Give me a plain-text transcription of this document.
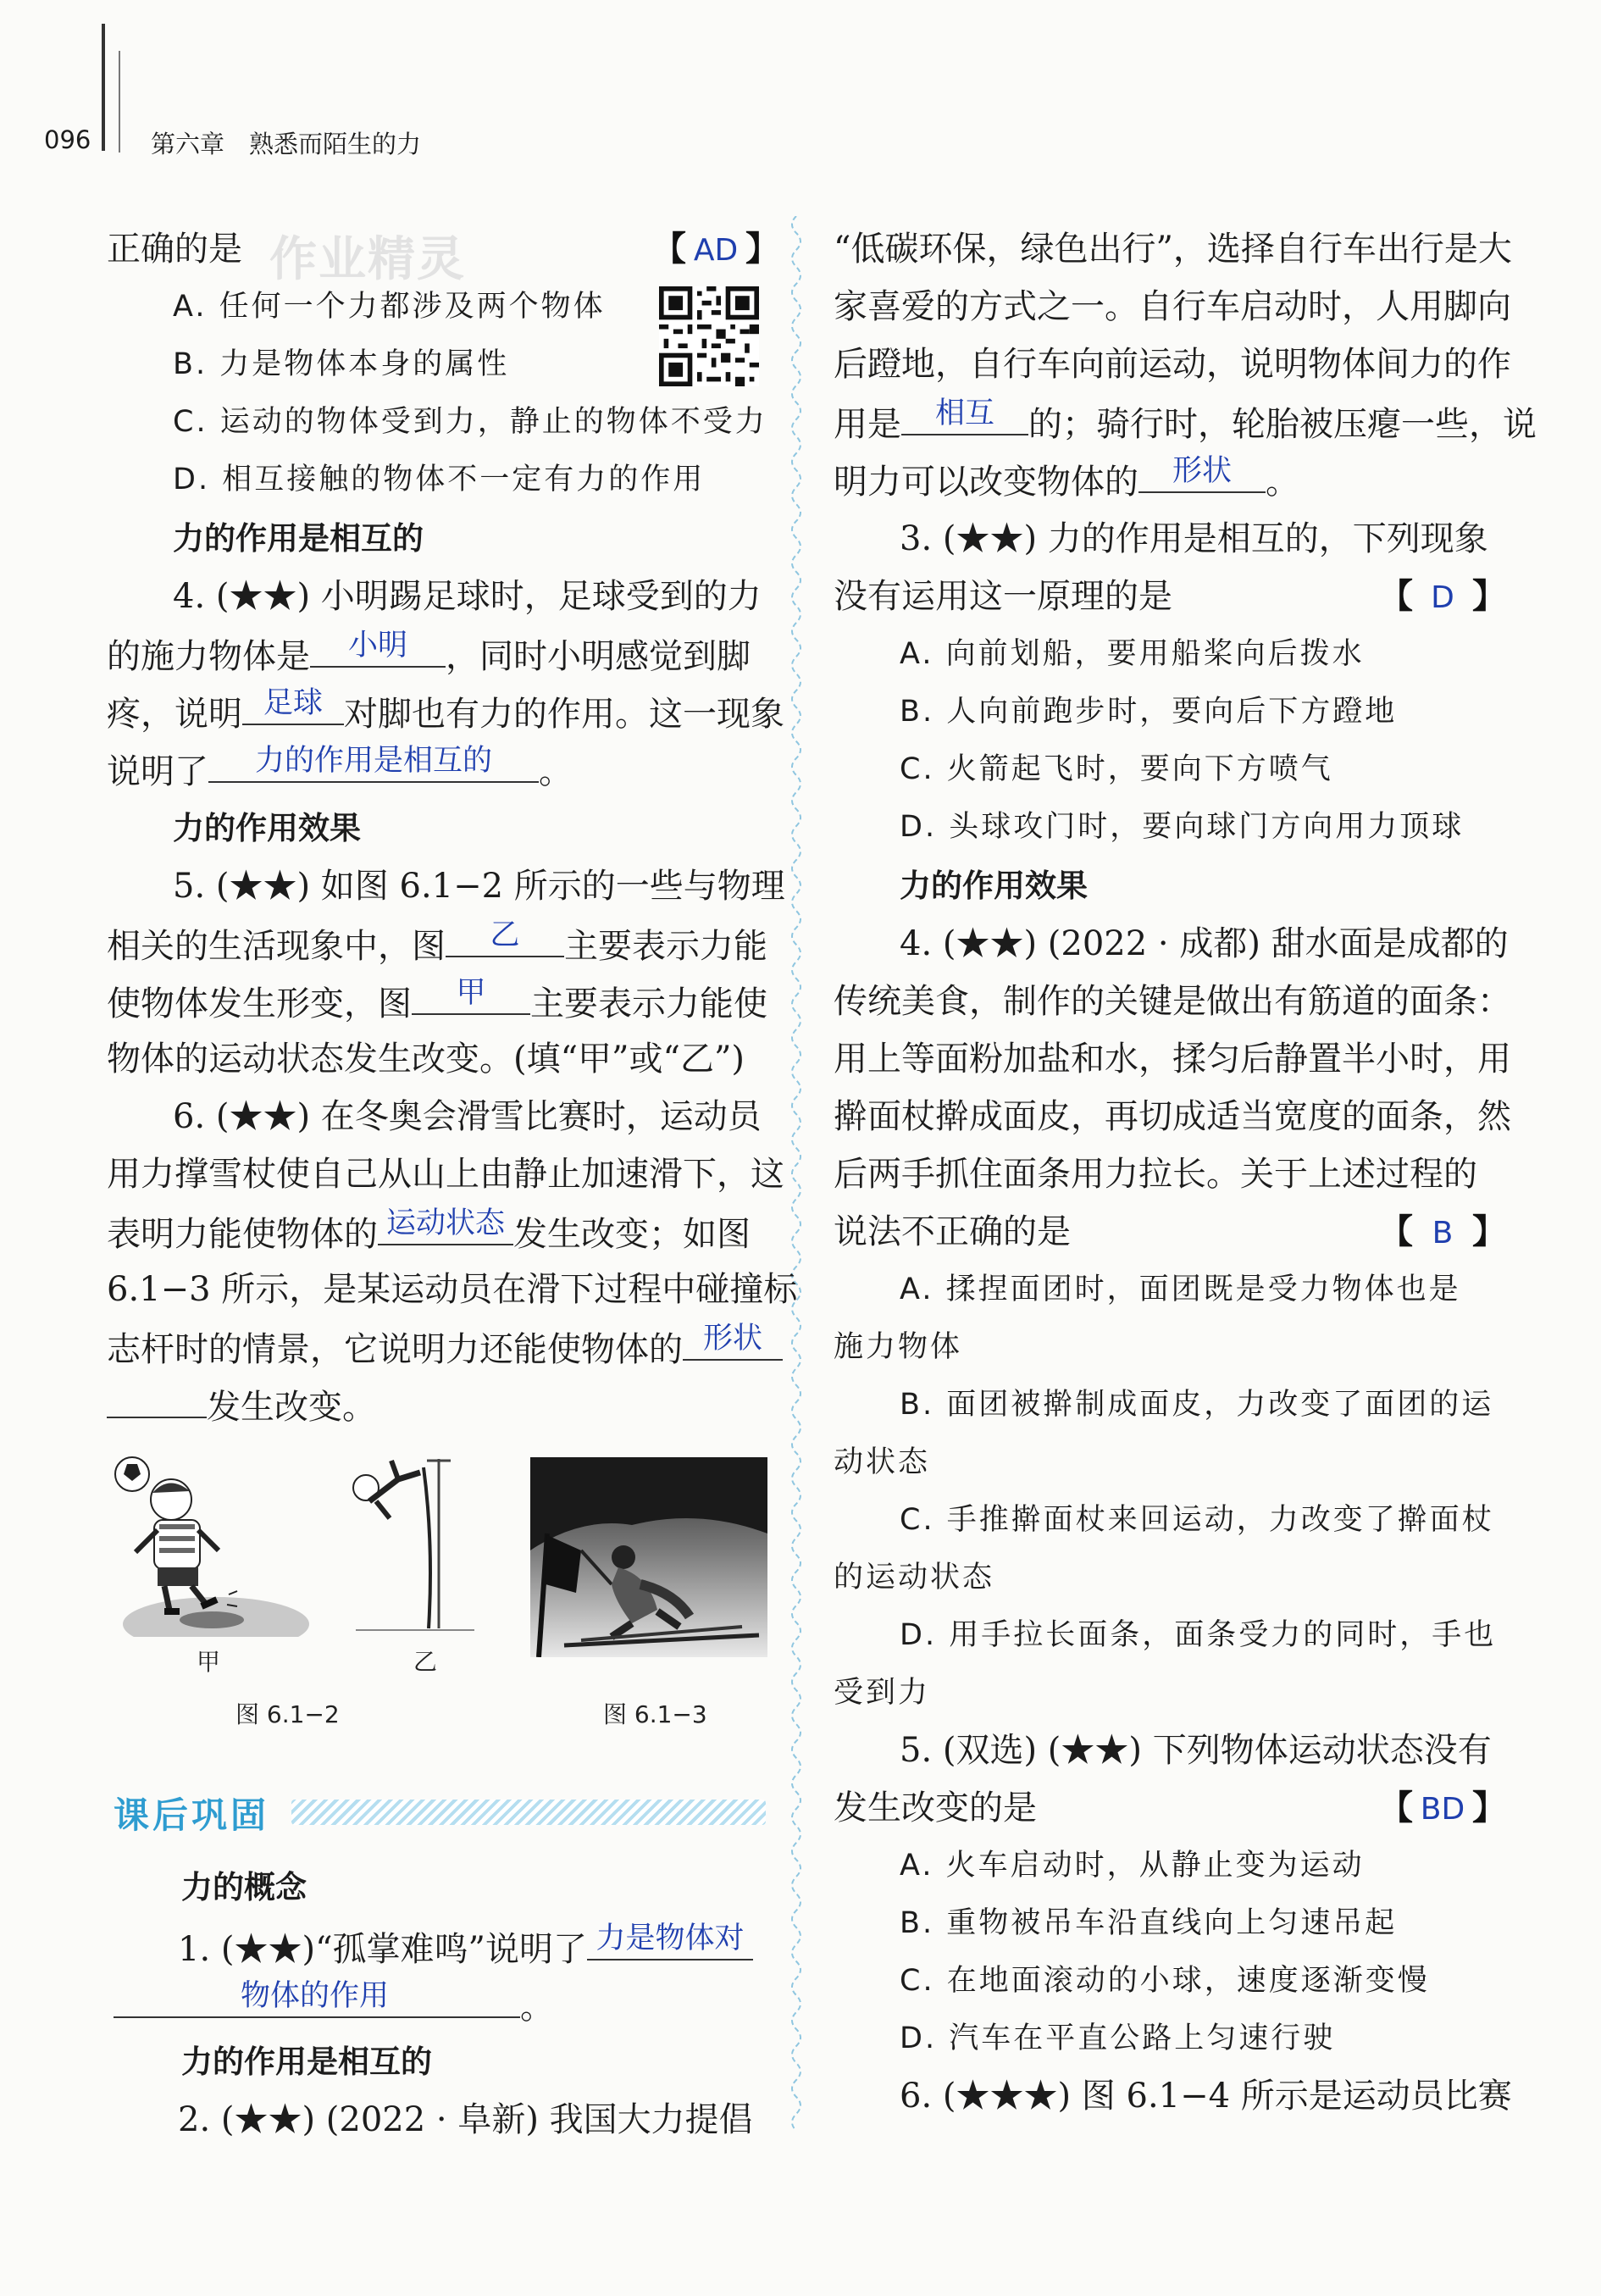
096 第六章　熟悉而陌生的力
正确的是 作业精灵	【 AD 】
A. 任何一个力都涉及两个物体
B. 力是物体本身的属性
C. 运动的物体受到力，静止的物体不受力
D. 相互接触的物体不一定有力的作用
力的作用是相互的
4. (★★) 小明踢足球时，足球受到的力
的施力物体是	小明	，同时小明感觉到脚
疼，说明 足球 对脚也有力的作用。这一现象
说明了	力的作用是相互的	。
力的作用效果
5. (★★) 如图 6.1−2 所示的一些与物理
相关的生活现象中，图	乙	主要表示力能
使物体发生形变，图	甲	主要表示力能使
物体的运动状态发生改变。(填“甲”或“乙”)
6. (★★) 在冬奥会滑雪比赛时，运动员
用力撑雪杖使自己从山上由静止加速滑下，这
表明力能使物体的 运动状态 发生改变；如图
6.1−3 所示，是某运动员在滑下过程中碰撞标
志杆时的情景，它说明力还能使物体的 形状
发生改变。
甲	乙
图 6.1−2	图 6.1−3
课后巩固
力的概念
1. (★★)“孤掌难鸣”说明了 力是物体对
物体的作用	。
力的作用是相互的
2. (★★) (2022 · 阜新) 我国大力提倡
“低碳环保，绿色出行”，选择自行车出行是大
家喜爱的方式之一。自行车启动时，人用脚向
后蹬地，自行车向前运动，说明物体间力的作
用是	相互	的；骑行时，轮胎被压瘪一些，说
明力可以改变物体的	形状	。
3. (★★) 力的作用是相互的，下列现象
没有运用这一原理的是	【 D 】
A. 向前划船，要用船桨向后拨水
B. 人向前跑步时，要向后下方蹬地
C. 火箭起飞时，要向下方喷气
D. 头球攻门时，要向球门方向用力顶球
力的作用效果
4. (★★) (2022 · 成都) 甜水面是成都的
传统美食，制作的关键是做出有筋道的面条：
用上等面粉加盐和水，揉匀后静置半小时，用
擀面杖擀成面皮，再切成适当宽度的面条，然
后两手抓住面条用力拉长。关于上述过程的
说法不正确的是	【 B 】
A. 揉捏面团时，面团既是受力物体也是
施力物体
B. 面团被擀制成面皮，力改变了面团的运
动状态
C. 手推擀面杖来回运动，力改变了擀面杖
的运动状态
D. 用手拉长面条，面条受力的同时，手也
受到力
5. (双选) (★★) 下列物体运动状态没有
发生改变的是	【 BD 】
A. 火车启动时，从静止变为运动
B. 重物被吊车沿直线向上匀速吊起
C. 在地面滚动的小球，速度逐渐变慢
D. 汽车在平直公路上匀速行驶
6. (★★★) 图 6.1−4 所示是运动员比赛
